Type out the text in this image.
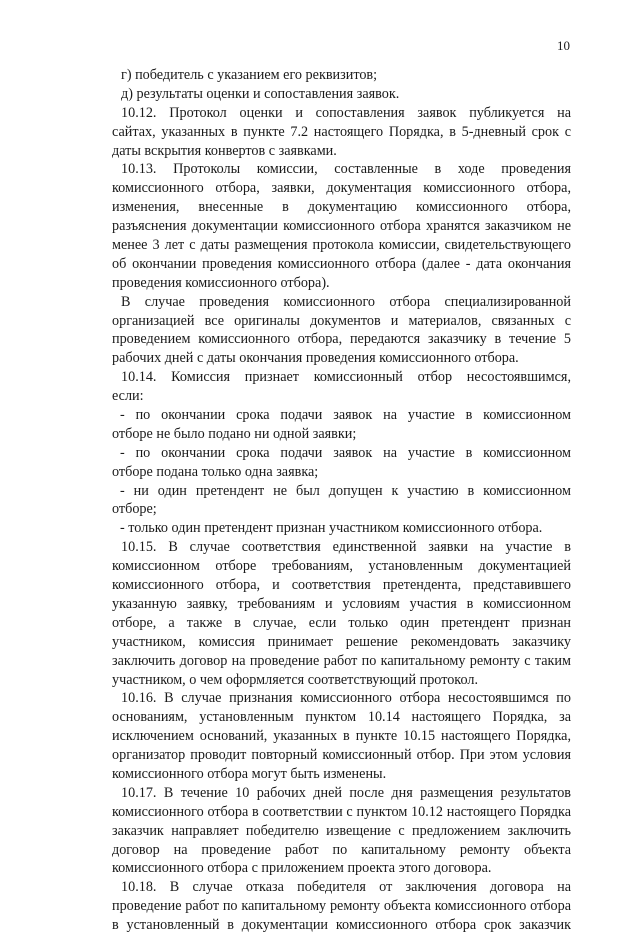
10
г) победитель с указанием его реквизитов;
д) результаты оценки и сопоставления заявок.
10.12. Протокол оценки и сопоставления заявок публикуется на
сайтах, указанных в пункте 7.2 настоящего Порядка, в 5-дневный срок с
даты вскрытия конвертов с заявками.
10.13. Протоколы комиссии, составленные в ходе проведения
комиссионного отбора, заявки, документация комиссионного отбора,
изменения, внесенные в документацию комиссионного отбора,
разъяснения документации комиссионного отбора хранятся заказчиком не
менее 3 лет с даты размещения протокола комиссии, свидетельствующего
об окончании проведения комиссионного отбора (далее - дата окончания
проведения комиссионного отбора).
В случае проведения комиссионного отбора специализированной
организацией все оригиналы документов и материалов, связанных с
проведением комиссионного отбора, передаются заказчику в течение 5
рабочих дней с даты окончания проведения комиссионного отбора.
10.14. Комиссия признает комиссионный отбор несостоявшимся,
если:
- по окончании срока подачи заявок на участие в комиссионном
отборе не было подано ни одной заявки;
- по окончании срока подачи заявок на участие в комиссионном
отборе подана только одна заявка;
- ни один претендент не был допущен к участию в комиссионном
отборе;
- только один претендент признан участником комиссионного отбора.
10.15. В случае соответствия единственной заявки на участие в
комиссионном отборе требованиям, установленным документацией
комиссионного отбора, и соответствия претендента, представившего
указанную заявку, требованиям и условиям участия в комиссионном
отборе, а также в случае, если только один претендент признан
участником, комиссия принимает решение рекомендовать заказчику
заключить договор на проведение работ по капитальному ремонту с таким
участником, о чем оформляется соответствующий протокол.
10.16. В случае признания комиссионного отбора несостоявшимся по
основаниям, установленным пунктом 10.14 настоящего Порядка, за
исключением оснований, указанных в пункте 10.15 настоящего Порядка,
организатор проводит повторный комиссионный отбор. При этом условия
комиссионного отбора могут быть изменены.
10.17. В течение 10 рабочих дней после дня размещения результатов
комиссионного отбора в соответствии с пунктом 10.12 настоящего Порядка
заказчик направляет победителю извещение с предложением заключить
договор на проведение работ по капитальному ремонту объекта
комиссионного отбора с приложением проекта этого договора.
10.18. В случае отказа победителя от заключения договора на
проведение работ по капитальному ремонту объекта комиссионного отбора
в установленный в документации комиссионного отбора срок заказчик
